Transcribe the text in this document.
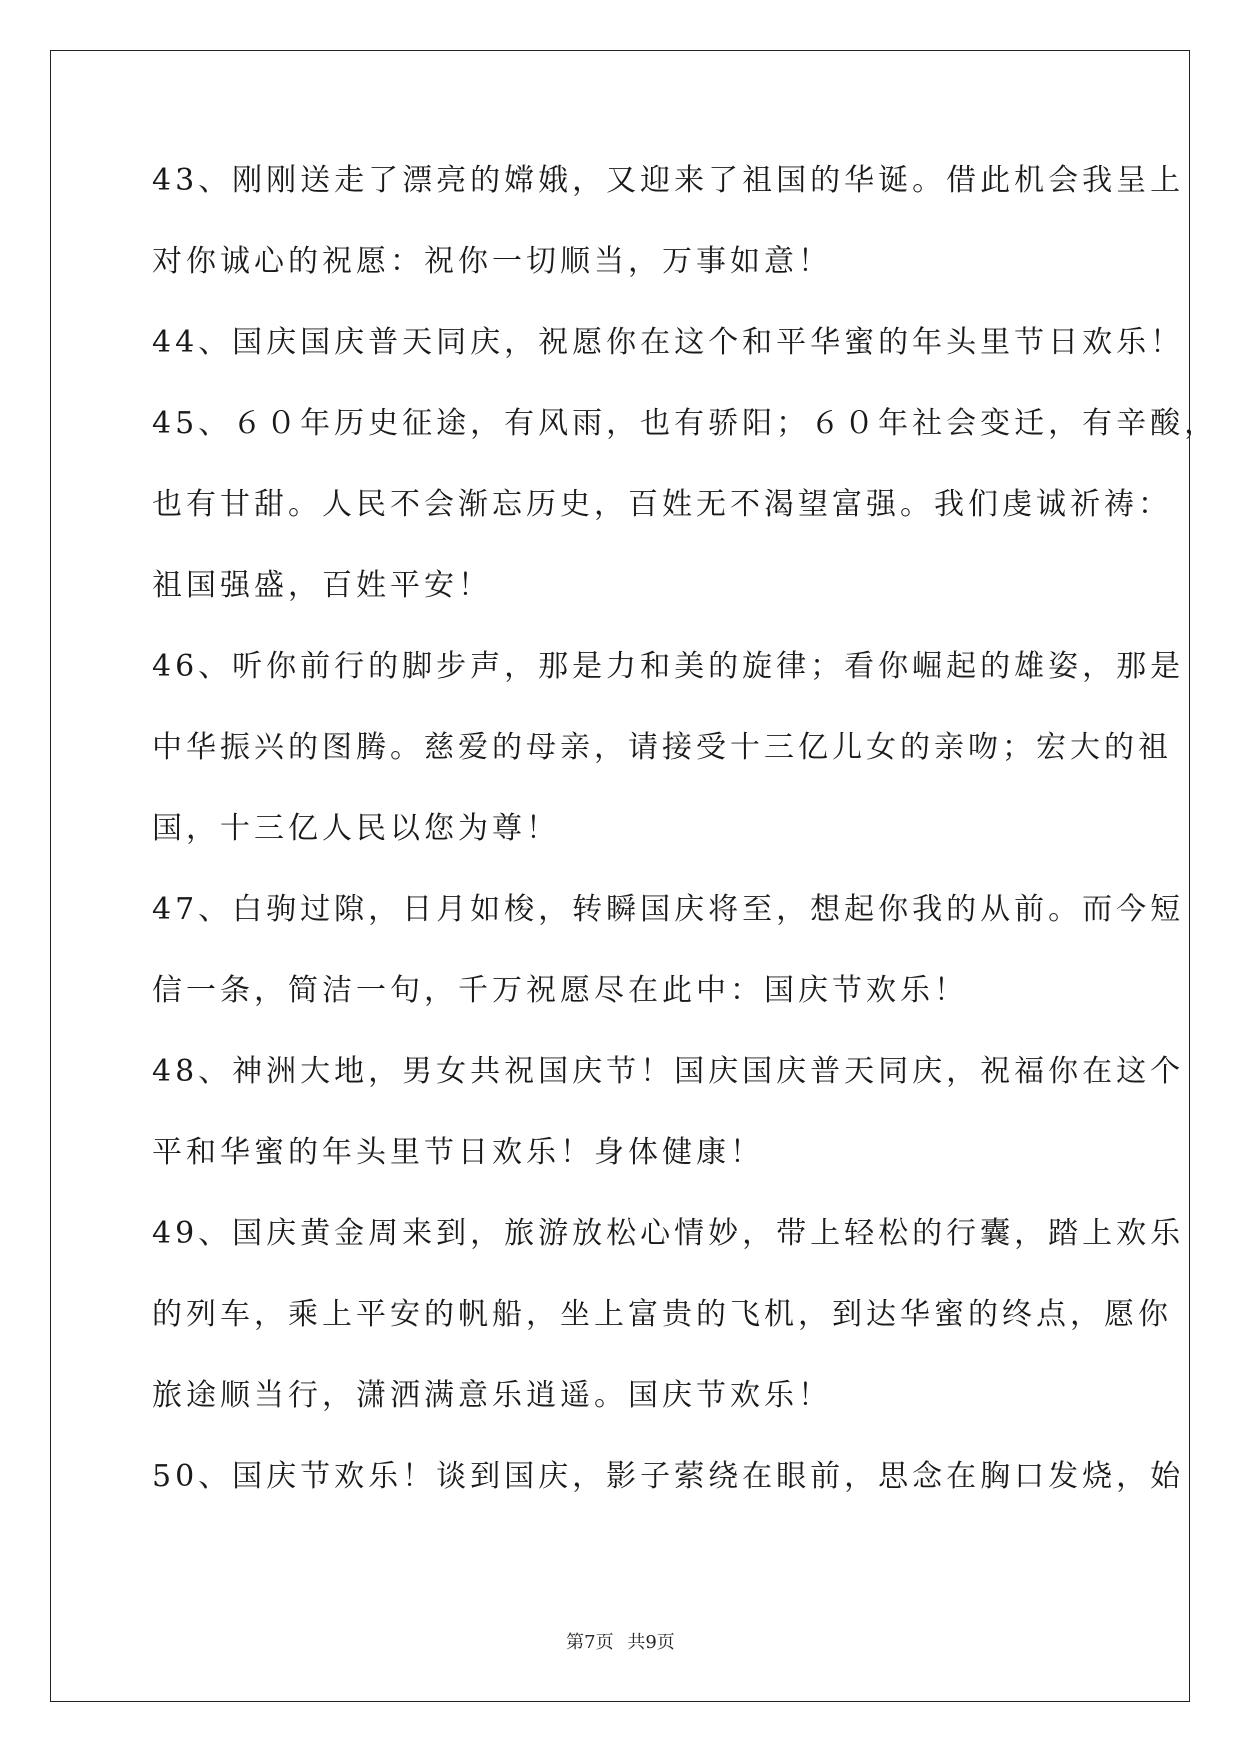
43、刚刚送走了漂亮的嫦娥，又迎来了祖国的华诞。借此机会我呈上
对你诚心的祝愿：祝你一切顺当，万事如意！
44、国庆国庆普天同庆，祝愿你在这个和平华蜜的年头里节日欢乐！
45、６０年历史征途，有风雨，也有骄阳；６０年社会变迁，有辛酸，
也有甘甜。人民不会渐忘历史，百姓无不渴望富强。我们虔诚祈祷：
祖国强盛，百姓平安！
46、听你前行的脚步声，那是力和美的旋律；看你崛起的雄姿，那是
中华振兴的图腾。慈爱的母亲，请接受十三亿儿女的亲吻；宏大的祖
国，十三亿人民以您为尊！
47、白驹过隙，日月如梭，转瞬国庆将至，想起你我的从前。而今短
信一条，简洁一句，千万祝愿尽在此中：国庆节欢乐！
48、神洲大地，男女共祝国庆节！国庆国庆普天同庆，祝福你在这个
平和华蜜的年头里节日欢乐！身体健康！
49、国庆黄金周来到，旅游放松心情妙，带上轻松的行囊，踏上欢乐
的列车，乘上平安的帆船，坐上富贵的飞机，到达华蜜的终点，愿你
旅途顺当行，潇洒满意乐逍遥。国庆节欢乐！
50、国庆节欢乐！谈到国庆，影子萦绕在眼前，思念在胸口发烧，始
第7页 共9页
